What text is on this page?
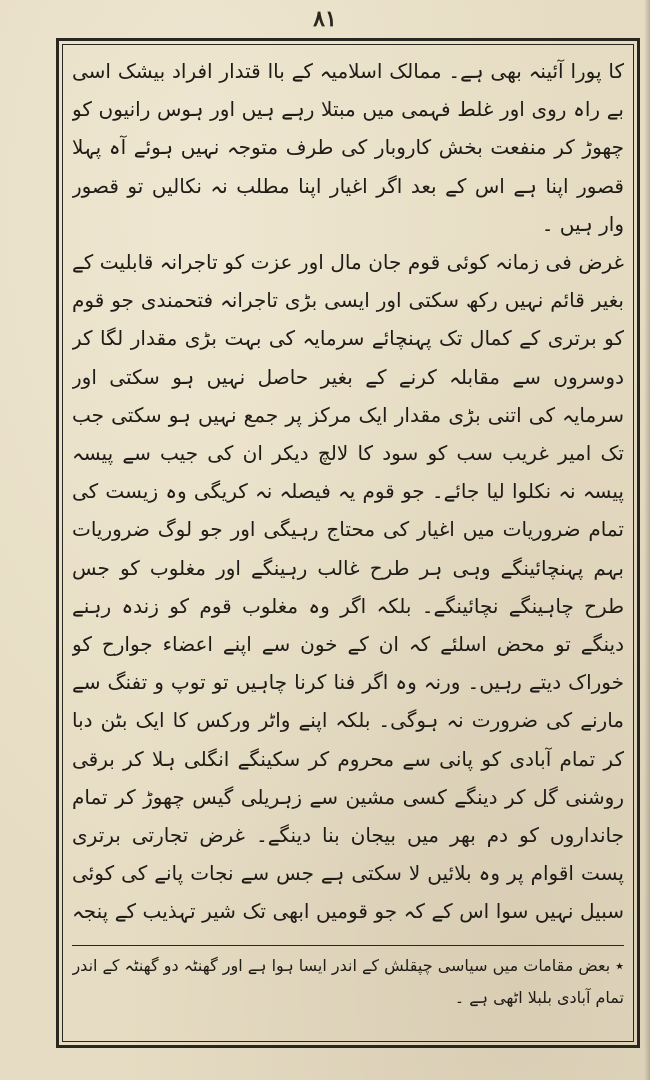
۸۱

کا پورا آئینہ بھی ہے۔ ممالک اسلامیہ کے باا قتدار افراد بیشک اسی بے راہ روی اور غلط فہمی میں مبتلا رہے ہیں اور ہوس رانیوں کو چھوڑ کر منفعت بخش کاروبار کی طرف متوجہ نہیں ہوئے آہ پہلا قصور اپنا ہے اس کے بعد اگر اغیار اپنا مطلب نہ نکالیں تو قصور وار ہیں ۔

غرض فی زمانہ کوئی قوم جان مال اور عزت کو تاجرانہ قابلیت کے بغیر قائم نہیں رکھ سکتی اور ایسی بڑی تاجرانہ فتحمندی جو قوم کو برتری کے کمال تک پہنچائے سرمایہ کی بہت بڑی مقدار لگا کر دوسروں سے مقابلہ کرنے کے بغیر حاصل نہیں ہو سکتی اور سرمایہ کی اتنی بڑی مقدار ایک مرکز پر جمع نہیں ہو سکتی جب تک امیر غریب سب کو سود کا لالچ دیکر ان کی جیب سے پیسہ پیسہ نہ نکلوا لیا جائے۔ جو قوم یہ فیصلہ نہ کریگی وہ زیست کی تمام ضروریات میں اغیار کی محتاج رہیگی اور جو لوگ ضروریات بہم پہنچائینگے وہی ہر طرح غالب رہینگے اور مغلوب کو جس طرح چاہینگے نچائینگے۔ بلکہ اگر وہ مغلوب قوم کو زندہ رہنے دینگے تو محض اسلئے کہ ان کے خون سے اپنے اعضاء جوارح کو خوراک دیتے رہیں۔ ورنہ وہ اگر فنا کرنا چاہیں تو توپ و تفنگ سے مارنے کی ضرورت نہ ہوگی۔ بلکہ اپنے واٹر ورکس کا ایک بٹن دبا کر تمام آبادی کو پانی سے محروم کر سکینگے انگلی ہلا کر برقی روشنی گل کر دینگے کسی مشین سے زہریلی گیس چھوڑ کر تمام جانداروں کو دم بھر میں بیجان بنا دینگے۔ غرض تجارتی برتری پست اقوام پر وہ بلائیں لا سکتی ہے جس سے نجات پانے کی کوئی سبیل نہیں سوا اس کے کہ جو قومیں ابھی تک شیر تہذیب کے پنجہ

٭ بعض مقامات میں سیاسی چپقلش کے اندر ایسا ہوا ہے اور گھنٹہ دو گھنٹہ کے اندر تمام آبادی بلبلا اٹھی ہے ۔
